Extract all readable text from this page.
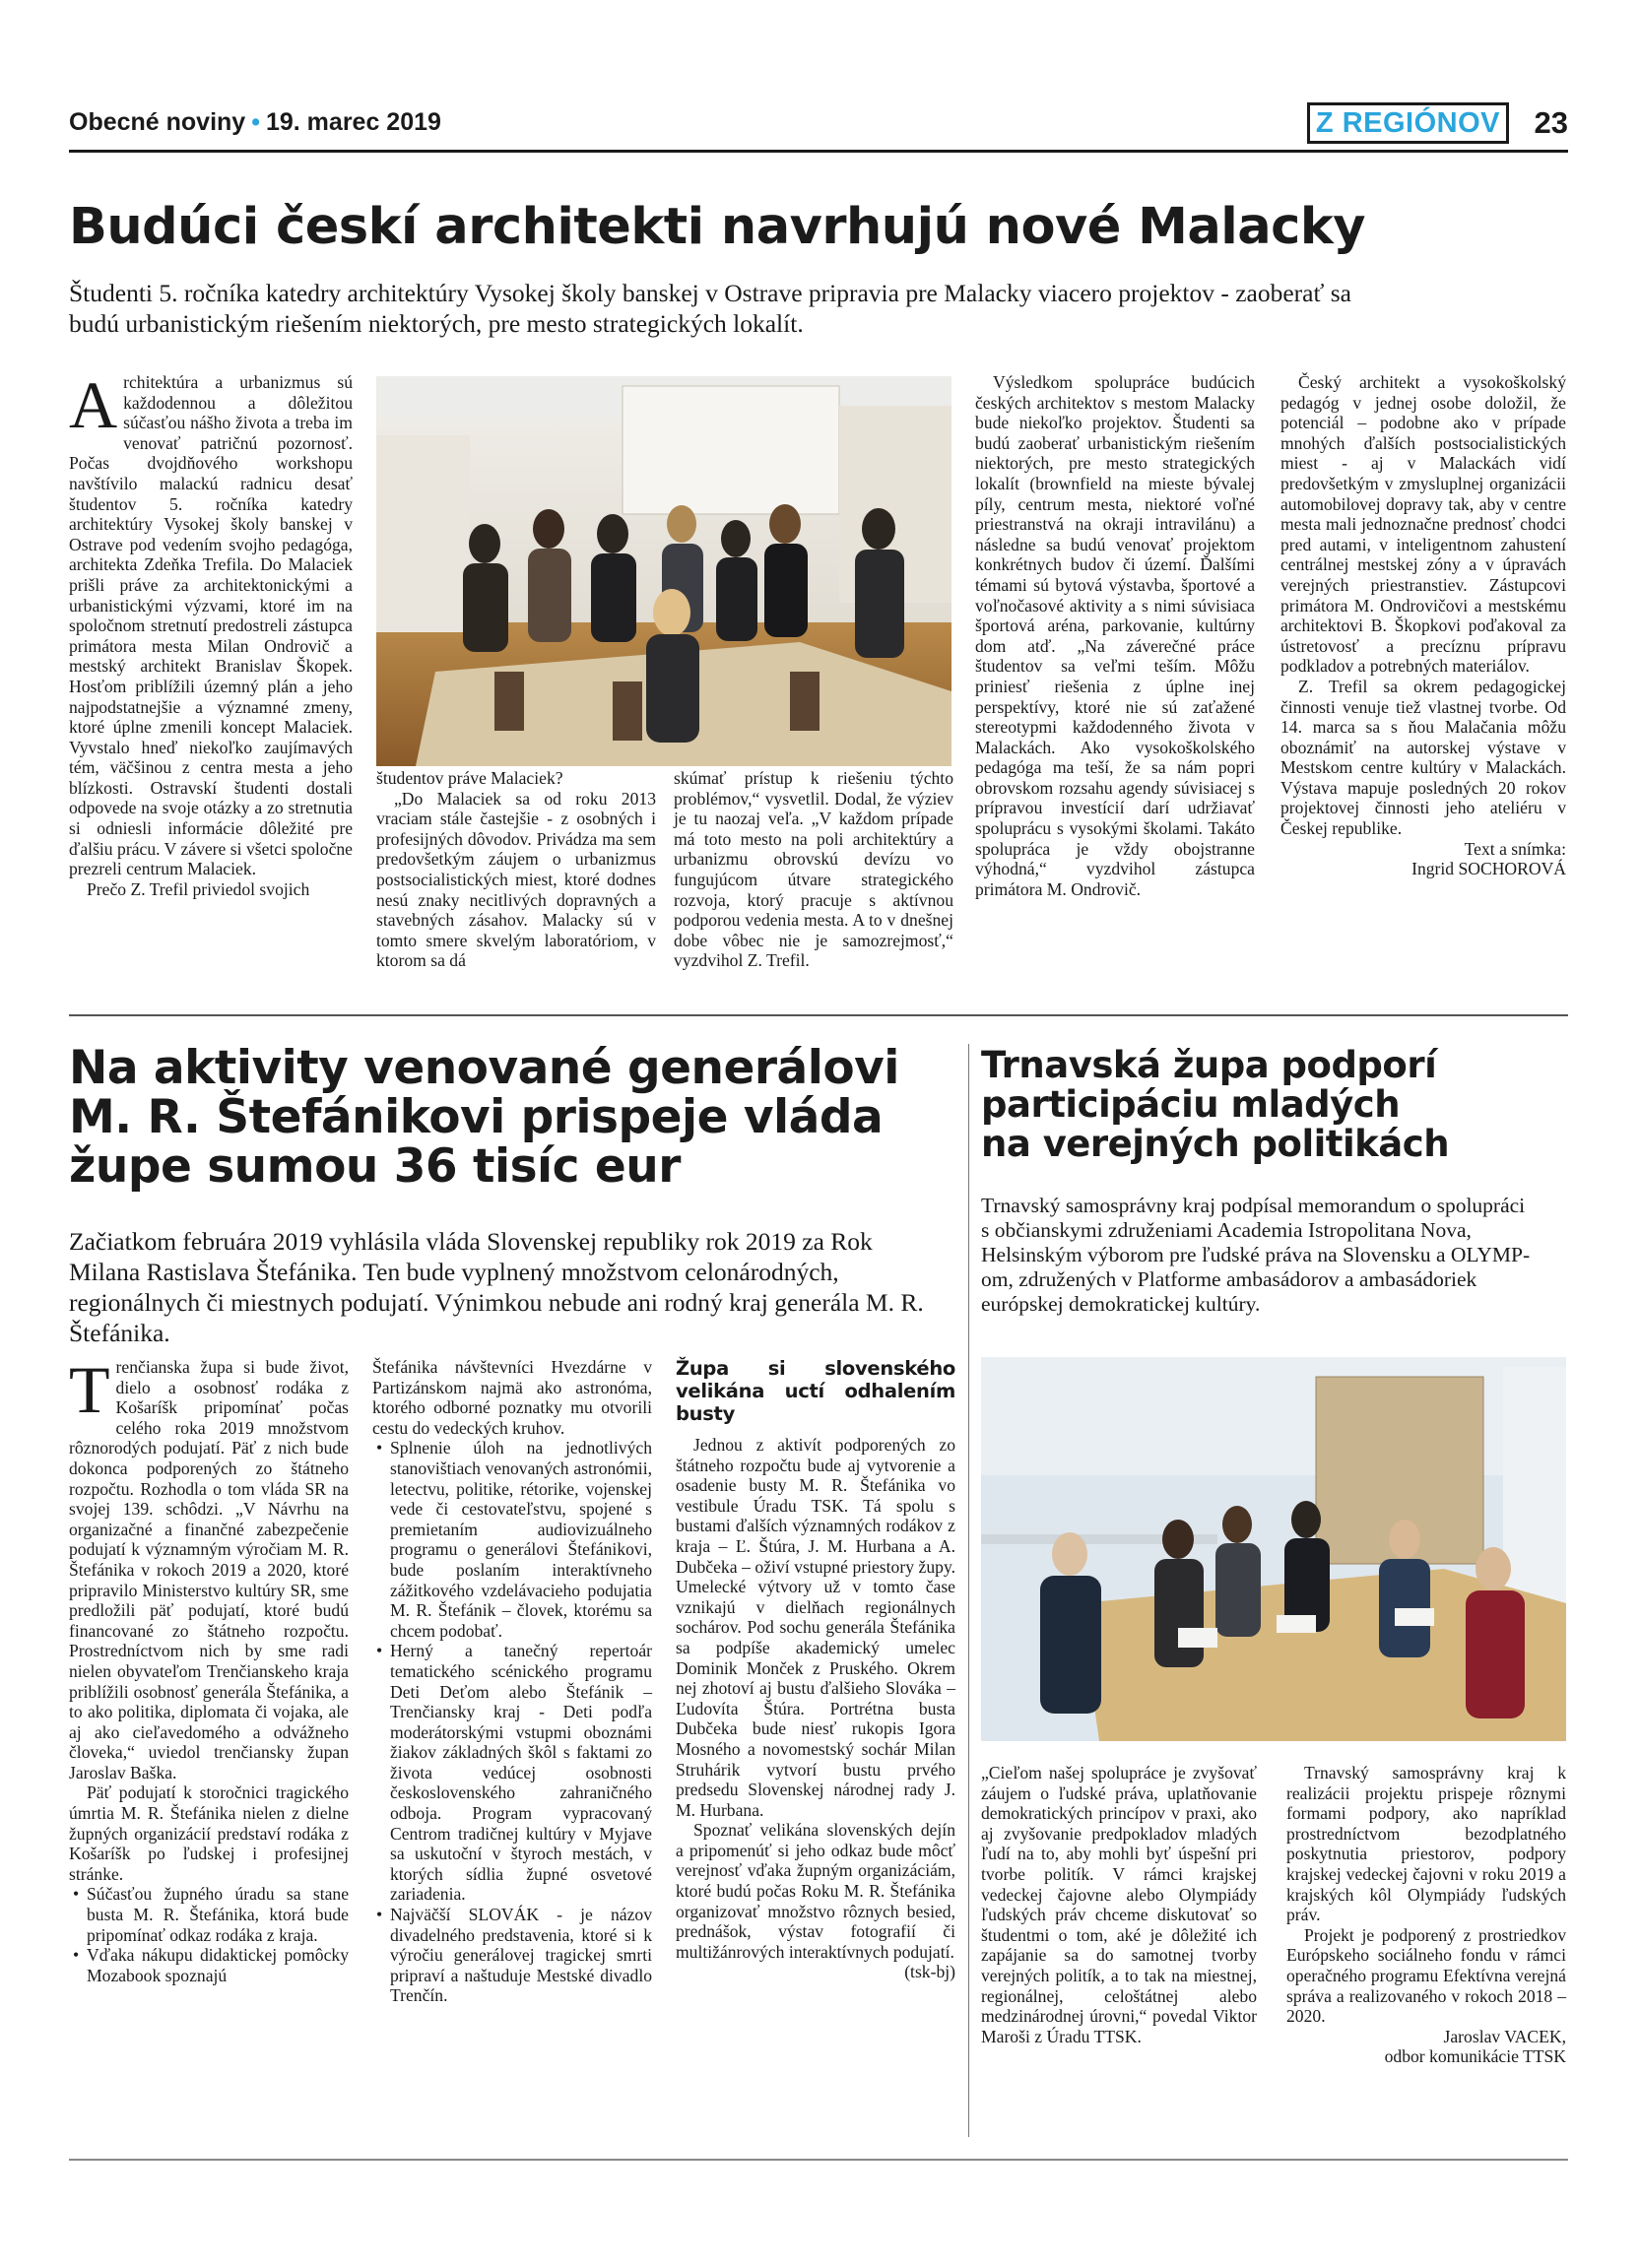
Obecné noviny • 19. marec 2019	Z REGIÓNOV 23
Budúci českí architekti navrhujú nové Malacky

Študenti 5. ročníka katedry architektúry Vysokej školy banskej v Ostrave pripravia pre Malacky viacero projektov - zaoberať sa budú urbanistickým riešením niektorých, pre mesto strategických lokalít.

Architektúra a urbanizmus sú každodennou a dôležitou súčasťou nášho života a treba im venovať patričnú pozornosť. Počas dvojdňového workshopu navštívilo malackú radnicu desať študentov 5. ročníka katedry architektúry Vysokej školy banskej v Ostrave pod vedením svojho pedagóga, architekta Zdeňka Trefila. Do Malaciek prišli práve za architektonickými a urbanistickými výzvami, ktoré im na spoločnom stretnutí predostreli zástupca primátora mesta Milan Ondrovič a mestský architekt Branislav Škopek. Hosťom priblížili územný plán a jeho najpodstatnejšie a významné zmeny, ktoré úplne zmenili koncept Malaciek. Vyvstalo hneď niekoľko zaujímavých tém, väčšinou z centra mesta a jeho blízkosti. Ostravskí študenti dostali odpovede na svoje otázky a zo stretnutia si odniesli informácie dôležité pre ďalšiu prácu. V závere si všetci spoločne prezreli centrum Malaciek.

Prečo Z. Trefil priviedol svojich

študentov práve Malaciek?

„Do Malaciek sa od roku 2013 vraciam stále častejšie - z osobných i profesijných dôvodov. Privádza ma sem predovšetkým záujem o urbanizmus postsocialistických miest, ktoré dodnes nesú znaky necitlivých dopravných a stavebných zásahov. Malacky sú v tomto smere skvelým laboratóriom, v ktorom sa dá

skúmať prístup k riešeniu týchto problémov,“ vysvetlil. Dodal, že výziev je tu naozaj veľa. „V každom prípade má toto mesto na poli architektúry a urbanizmu obrovskú devízu vo fungujúcom útvare strategického rozvoja, ktorý pracuje s aktívnou podporou vedenia mesta. A to v dnešnej dobe vôbec nie je samozrejmosť,“ vyzdvihol Z. Trefil.

Výsledkom spolupráce budúcich českých architektov s mestom Malacky bude niekoľko projektov. Študenti sa budú zaoberať urbanistickým riešením niektorých, pre mesto strategických lokalít (brownfield na mieste bývalej píly, centrum mesta, niektoré voľné priestranstvá na okraji intravilánu) a následne sa budú venovať projektom konkrétnych budov či území. Ďalšími témami sú bytová výstavba, športové a voľnočasové aktivity a s nimi súvisiaca športová aréna, parkovanie, kultúrny dom atď. „Na záverečné práce študentov sa veľmi teším. Môžu priniesť riešenia z úplne inej perspektívy, ktoré nie sú zaťažené stereotypmi každodenného života v Malackách. Ako vysokoškolského pedagóga ma teší, že sa nám popri obrovskom rozsahu agendy súvisiacej s prípravou investícií darí udržiavať spoluprácu s vysokými školami. Takáto spolupráca je vždy obojstranne výhodná,“ vyzdvihol zástupca primátora M. Ondrovič.

Český architekt a vysokoškolský pedagóg v jednej osobe doložil, že potenciál – podobne ako v prípade mnohých ďalších postsocialistických miest - aj v Malackách vidí predovšetkým v zmysluplnej organizácii automobilovej dopravy tak, aby v centre mesta mali jednoznačne prednosť chodci pred autami, v inteligentnom zahustení centrálnej mestskej zóny a v úpravách verejných priestranstiev. Zástupcovi primátora M. Ondrovičovi a mestskému architektovi B. Škopkovi poďakoval za ústretovosť a precíznu prípravu podkladov a potrebných materiálov.

Z. Trefil sa okrem pedagogickej činnosti venuje tiež vlastnej tvorbe. Od 14. marca sa s ňou Malačania môžu oboznámiť na autorskej výstave v Mestskom centre kultúry v Malackách. Výstava mapuje posledných 20 rokov projektovej činnosti jeho ateliéru v Českej republike.

Text a snímka:

Ingrid SOCHOROVÁ

Na aktivity venované generálovi
M. R. Štefánikovi prispeje vláda
župe sumou 36 tisíc eur

Začiatkom februára 2019 vyhlásila vláda Slovenskej republiky rok 2019 za Rok Milana Rastislava Štefánika. Ten bude vyplnený množstvom celonárodných, regionálnych či miestnych podujatí. Výnimkou nebude ani rodný kraj generála M. R. Štefánika.

Trenčianska župa si bude život, dielo a osobnosť rodáka z Košaríšk pripomínať počas celého roka 2019 množstvom rôznorodých podujatí. Päť z nich bude dokonca podporených zo štátneho rozpočtu. Rozhodla o tom vláda SR na svojej 139. schôdzi. „V Návrhu na organizačné a finančné zabezpečenie podujatí k významným výročiam M. R. Štefánika v rokoch 2019 a 2020, ktoré pripravilo Ministerstvo kultúry SR, sme predložili päť podujatí, ktoré budú financované zo štátneho rozpočtu. Prostredníctvom nich by sme radi nielen obyvateľom Trenčianskeho kraja priblížili osobnosť generála Štefánika, a to ako politika, diplomata či vojaka, ale aj ako cieľavedomého a odvážneho človeka,“ uviedol trenčiansky župan Jaroslav Baška.

Päť podujatí k storočnici tragického úmrtia M. R. Štefánika nielen z dielne župných organizácií predstaví rodáka z Košaríšk po ľudskej i profesijnej stránke.

• Súčasťou župného úradu sa stane busta M. R. Štefánika, ktorá bude pripomínať odkaz rodáka z kraja.
• Vďaka nákupu didaktickej pomôcky Mozabook spoznajú

Štefánika návštevníci Hvezdárne v Partizánskom najmä ako astronóma, ktorého odborné poznatky mu otvorili cestu do vedeckých kruhov.

• Splnenie úloh na jednotlivých stanovištiach venovaných astronómii, letectvu, politike, rétorike, vojenskej vede či cestovateľstvu, spojené s premietaním audiovizuálneho programu o generálovi Štefánikovi, bude poslaním interaktívneho zážitkového vzdelávacieho podujatia M. R. Štefánik – človek, ktorému sa chcem podobať.
• Herný a tanečný repertoár tematického scénického programu Deti Deťom alebo Štefánik – Trenčiansky kraj - Deti podľa moderátorskými vstupmi oboznámi žiakov základných škôl s faktami zo života vedúcej osobnosti československého zahraničného odboja. Program vypracovaný Centrom tradičnej kultúry v Myjave sa uskutoční v štyroch mestách, v ktorých sídlia župné osvetové zariadenia.
• Najväčší SLOVÁK - je názov divadelného predstavenia, ktoré si k výročiu generálovej tragickej smrti pripraví a naštuduje Mestské divadlo Trenčín.
Župa si slovenského velikána uctí odhalením busty

Jednou z aktivít podporených zo štátneho rozpočtu bude aj vytvorenie a osadenie busty M. R. Štefánika vo vestibule Úradu TSK. Tá spolu s bustami ďalších významných rodákov z kraja – Ľ. Štúra, J. M. Hurbana a A. Dubčeka – oživí vstupné priestory župy. Umelecké výtvory už v tomto čase vznikajú v dielňach regionálnych sochárov. Pod sochu generála Štefánika sa podpíše akademický umelec Dominik Monček z Pruského. Okrem nej zhotoví aj bustu ďalšieho Slováka – Ľudovíta Štúra. Portrétna busta Dubčeka bude niesť rukopis Igora Mosného a novomestský sochár Milan Struhárik vytvorí bustu prvého predsedu Slovenskej národnej rady J. M. Hurbana.

Spoznať velikána slovenských dejín a pripomenúť si jeho odkaz bude môcť verejnosť vďaka župným organizáciám, ktoré budú počas Roku M. R. Štefánika organizovať množstvo rôznych besied, prednášok, výstav fotografií či multižánrových interaktívnych podujatí.

(tsk-bj)

Trnavská župa podporí
participáciu mladých
na verejných politikách

Trnavský samosprávny kraj podpísal memorandum o spolupráci s občianskymi združeniami Academia Istropolitana Nova, Helsinským výborom pre ľudské práva na Slovensku a OLYMP-om, združených v Platforme ambasádorov a ambasádoriek európskej demokratickej kultúry.

„Cieľom našej spolupráce je zvyšovať záujem o ľudské práva, uplatňovanie demokratických princípov v praxi, ako aj zvyšovanie predpokladov mladých ľudí na to, aby mohli byť úspešní pri tvorbe politík. V rámci krajskej vedeckej čajovne alebo Olympiády ľudských práv chceme diskutovať so študentmi o tom, aké je dôležité ich zapájanie sa do samotnej tvorby verejných politík, a to tak na miestnej, regionálnej, celoštátnej alebo medzinárodnej úrovni,“ povedal Viktor Maroši z Úradu TTSK.

Trnavský samosprávny kraj k realizácii projektu prispeje rôznymi formami podpory, ako napríklad prostredníctvom bezodplatného poskytnutia priestorov, podpory krajskej vedeckej čajovni v roku 2019 a krajských kôl Olympiády ľudských práv.

Projekt je podporený z prostriedkov Európskeho sociálneho fondu v rámci operačného programu Efektívna verejná správa a realizovaného v rokoch 2018 – 2020.

Jaroslav VACEK,

odbor komunikácie TTSK
